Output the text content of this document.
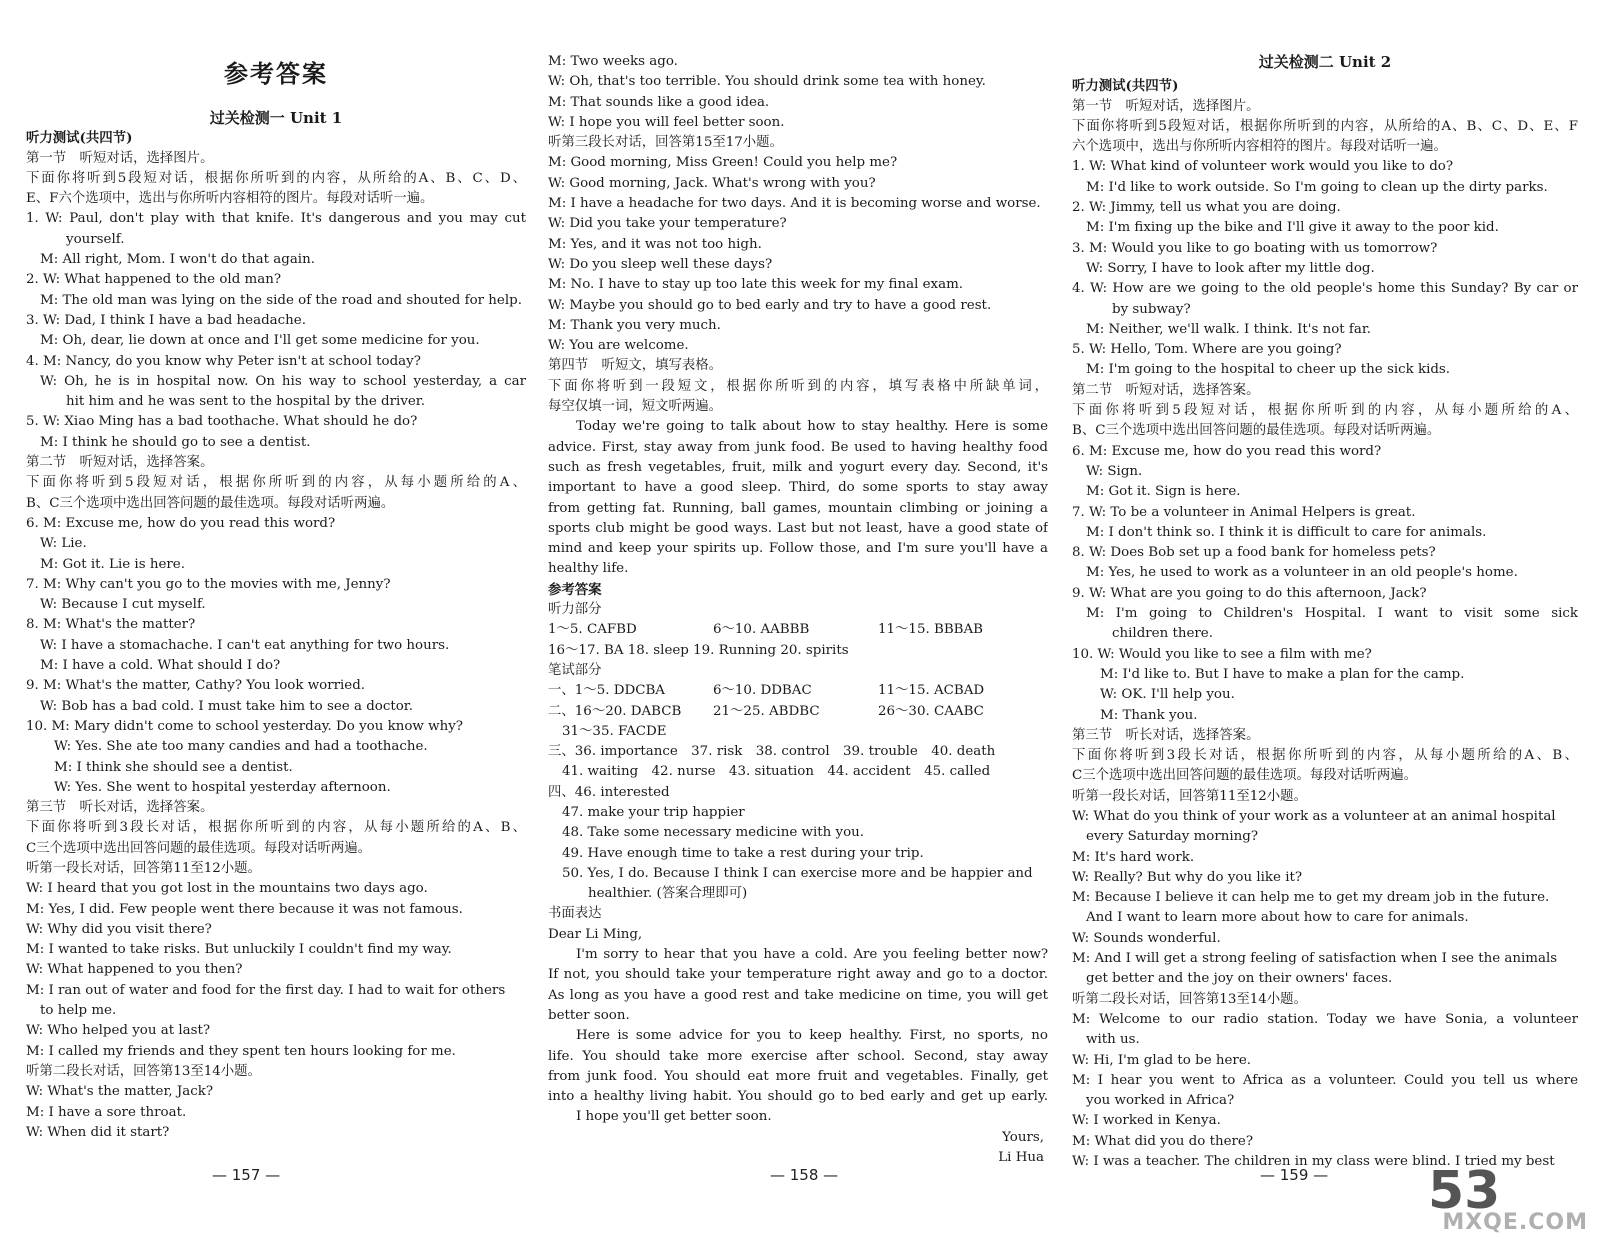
参考答案
过关检测一 Unit 1
听力测试(共四节)
第一节　听短对话，选择图片。
下面你将听到5段短对话，根据你所听到的内容，从所给的A、B、C、D、
E、F六个选项中，选出与你所听内容相符的图片。每段对话听一遍。
1. W: Paul, don't play with that knife. It's dangerous and you may cut
yourself.
M: All right, Mom. I won't do that again.
2. W: What happened to the old man?
M: The old man was lying on the side of the road and shouted for help.
3. W: Dad, I think I have a bad headache.
M: Oh, dear, lie down at once and I'll get some medicine for you.
4. M: Nancy, do you know why Peter isn't at school today?
W: Oh, he is in hospital now. On his way to school yesterday, a car
hit him and he was sent to the hospital by the driver.
5. W: Xiao Ming has a bad toothache. What should he do?
M: I think he should go to see a dentist.
第二节　听短对话，选择答案。
下面你将听到5段短对话，根据你所听到的内容，从每小题所给的A、
B、C三个选项中选出回答问题的最佳选项。每段对话听两遍。
6. M: Excuse me, how do you read this word?
W: Lie.
M: Got it. Lie is here.
7. M: Why can't you go to the movies with me, Jenny?
W: Because I cut myself.
8. M: What's the matter?
W: I have a stomachache. I can't eat anything for two hours.
M: I have a cold. What should I do?
9. M: What's the matter, Cathy? You look worried.
W: Bob has a bad cold. I must take him to see a doctor.
10. M: Mary didn't come to school yesterday. Do you know why?
W: Yes. She ate too many candies and had a toothache.
M: I think she should see a dentist.
W: Yes. She went to hospital yesterday afternoon.
第三节　听长对话，选择答案。
下面你将听到3段长对话，根据你所听到的内容，从每小题所给的A、B、
C三个选项中选出回答问题的最佳选项。每段对话听两遍。
听第一段长对话，回答第11至12小题。
W: I heard that you got lost in the mountains two days ago.
M: Yes, I did. Few people went there because it was not famous.
W: Why did you visit there?
M: I wanted to take risks. But unluckily I couldn't find my way.
W: What happened to you then?
M: I ran out of water and food for the first day. I had to wait for others
to help me.
W: Who helped you at last?
M: I called my friends and they spent ten hours looking for me.
听第二段长对话，回答第13至14小题。
W: What's the matter, Jack?
M: I have a sore throat.
W: When did it start?
M: Two weeks ago.
W: Oh, that's too terrible. You should drink some tea with honey.
M: That sounds like a good idea.
W: I hope you will feel better soon.
听第三段长对话，回答第15至17小题。
M: Good morning, Miss Green! Could you help me?
W: Good morning, Jack. What's wrong with you?
M: I have a headache for two days. And it is becoming worse and worse.
W: Did you take your temperature?
M: Yes, and it was not too high.
W: Do you sleep well these days?
M: No. I have to stay up too late this week for my final exam.
W: Maybe you should go to bed early and try to have a good rest.
M: Thank you very much.
W: You are welcome.
第四节　听短文，填写表格。
下面你将听到一段短文，根据你所听到的内容，填写表格中所缺单词，
每空仅填一词，短文听两遍。
Today we're going to talk about how to stay healthy. Here is some
advice. First, stay away from junk food. Be used to having healthy food
such as fresh vegetables, fruit, milk and yogurt every day. Second, it's
important to have a good sleep. Third, do some sports to stay away
from getting fat. Running, ball games, mountain climbing or joining a
sports club might be good ways. Last but not least, have a good state of
mind and keep your spirits up. Follow those, and I'm sure you'll have a
healthy life.
参考答案
听力部分
1～5. CAFBD	6～10. AABBB	11～15. BBBAB
16～17. BA 18. sleep 19. Running 20. spirits
笔试部分
一、1～5. DDCBA	6～10. DDBAC	11～15. ACBAD
二、16～20. DABCB	21～25. ABDBC	26～30. CAABC
31～35. FACDE
三、36. importance　37. risk　38. control　39. trouble　40. death
41. waiting　42. nurse　43. situation　44. accident　45. called
四、46. interested
47. make your trip happier
48. Take some necessary medicine with you.
49. Have enough time to take a rest during your trip.
50. Yes, I do. Because I think I can exercise more and be happier and
healthier. (答案合理即可)
书面表达
Dear Li Ming,
I'm sorry to hear that you have a cold. Are you feeling better now?
If not, you should take your temperature right away and go to a doctor.
As long as you have a good rest and take medicine on time, you will get
better soon.
Here is some advice for you to keep healthy. First, no sports, no
life. You should take more exercise after school. Second, stay away
from junk food. You should eat more fruit and vegetables. Finally, get
into a healthy living habit. You should go to bed early and get up early.
I hope you'll get better soon.
Yours,
Li Hua
过关检测二 Unit 2
听力测试(共四节)
第一节　听短对话，选择图片。
下面你将听到5段短对话，根据你所听到的内容，从所给的A、B、C、D、E、F
六个选项中，选出与你所听内容相符的图片。每段对话听一遍。
1. W: What kind of volunteer work would you like to do?
M: I'd like to work outside. So I'm going to clean up the dirty parks.
2. W: Jimmy, tell us what you are doing.
M: I'm fixing up the bike and I'll give it away to the poor kid.
3. M: Would you like to go boating with us tomorrow?
W: Sorry, I have to look after my little dog.
4. W: How are we going to the old people's home this Sunday? By car or
by subway?
M: Neither, we'll walk. I think. It's not far.
5. W: Hello, Tom. Where are you going?
M: I'm going to the hospital to cheer up the sick kids.
第二节　听短对话，选择答案。
下面你将听到5段短对话，根据你所听到的内容，从每小题所给的A、
B、C三个选项中选出回答问题的最佳选项。每段对话听两遍。
6. M: Excuse me, how do you read this word?
W: Sign.
M: Got it. Sign is here.
7. W: To be a volunteer in Animal Helpers is great.
M: I don't think so. I think it is difficult to care for animals.
8. W: Does Bob set up a food bank for homeless pets?
M: Yes, he used to work as a volunteer in an old people's home.
9. W: What are you going to do this afternoon, Jack?
M: I'm going to Children's Hospital. I want to visit some sick
children there.
10. W: Would you like to see a film with me?
M: I'd like to. But I have to make a plan for the camp.
W: OK. I'll help you.
M: Thank you.
第三节　听长对话，选择答案。
下面你将听到3段长对话，根据你所听到的内容，从每小题所给的A、B、
C三个选项中选出回答问题的最佳选项。每段对话听两遍。
听第一段长对话，回答第11至12小题。
W: What do you think of your work as a volunteer at an animal hospital
every Saturday morning?
M: It's hard work.
W: Really? But why do you like it?
M: Because I believe it can help me to get my dream job in the future.
And I want to learn more about how to care for animals.
W: Sounds wonderful.
M: And I will get a strong feeling of satisfaction when I see the animals
get better and the joy on their owners' faces.
听第二段长对话，回答第13至14小题。
M: Welcome to our radio station. Today we have Sonia, a volunteer
with us.
W: Hi, I'm glad to be here.
M: I hear you went to Africa as a volunteer. Could you tell us where
you worked in Africa?
W: I worked in Kenya.
M: What did you do there?
W: I was a teacher. The children in my class were blind. I tried my best
— 157 —	— 158 —	— 159 — 53
MXQE.COM
